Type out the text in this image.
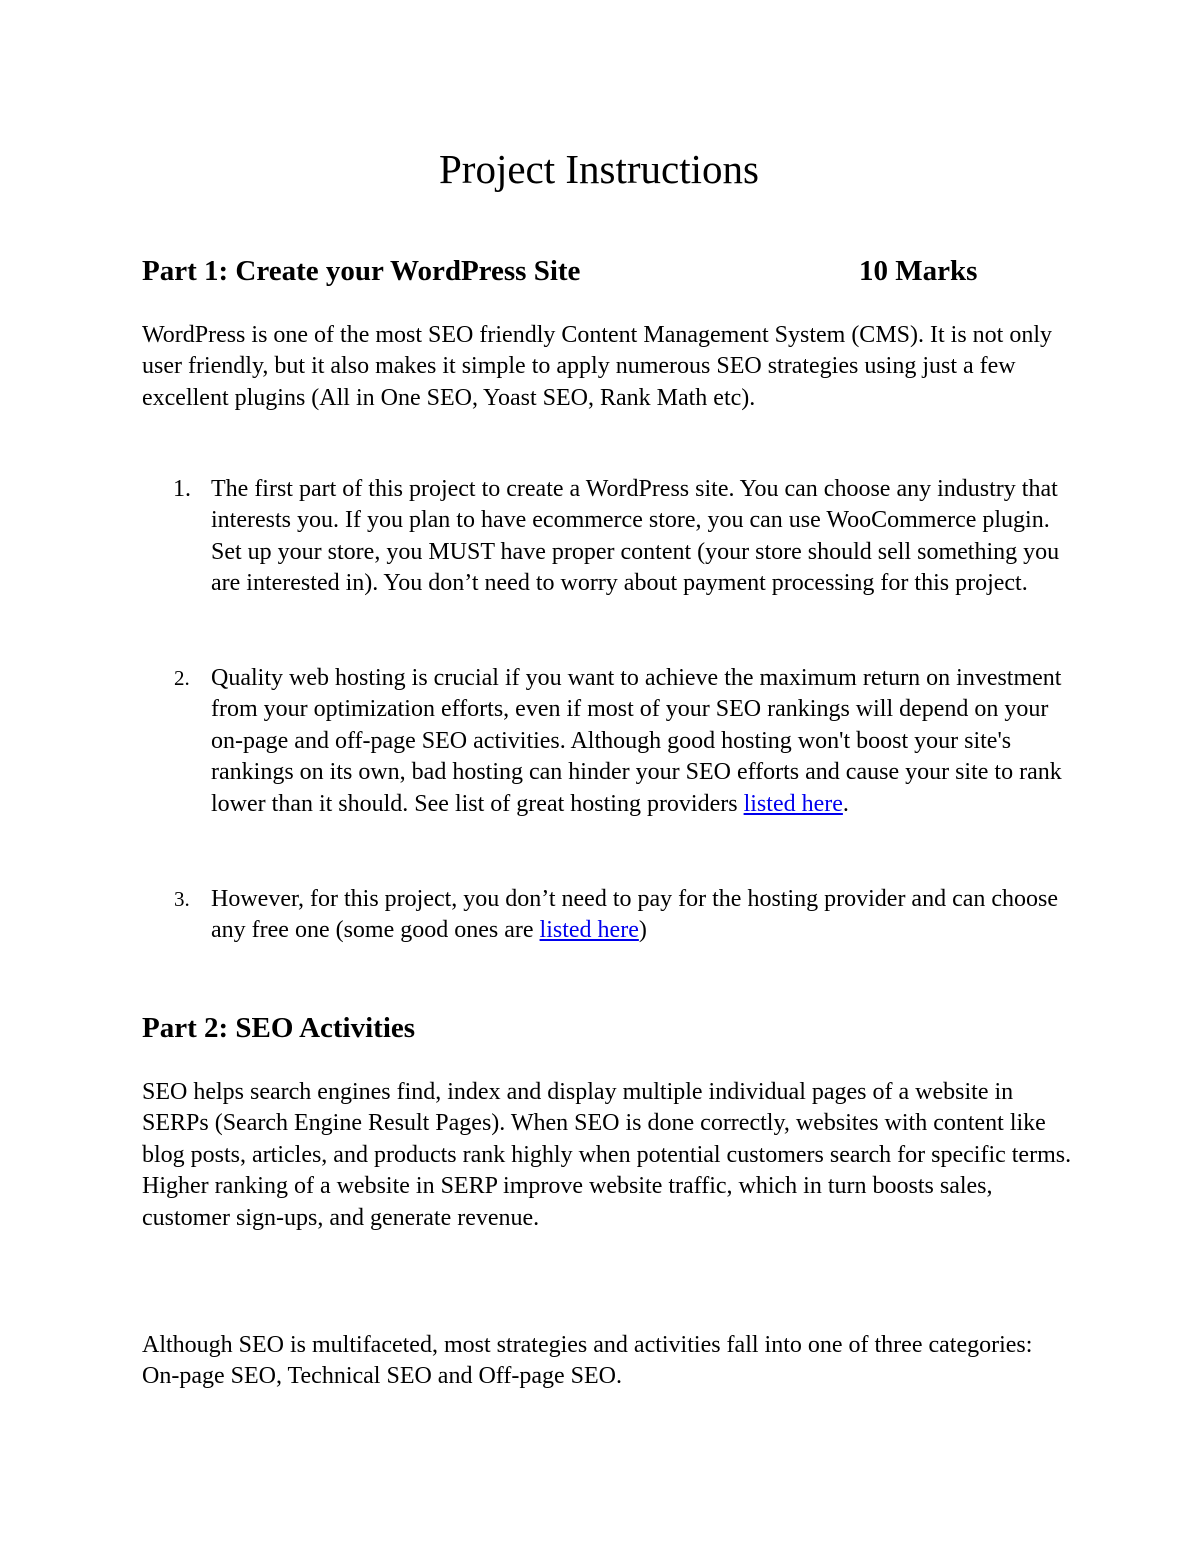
Project Instructions
Part 1: Create your WordPress Site	10 Marks

WordPress is one of the most SEO friendly Content Management System (CMS). It is not only user friendly, but it also makes it simple to apply numerous SEO strategies using just a few excellent plugins (All in One SEO, Yoast SEO, Rank Math etc).

1. The first part of this project to create a WordPress site. You can choose any industry that interests you. If you plan to have ecommerce store, you can use WooCommerce plugin. Set up your store, you MUST have proper content (your store should sell something you are interested in). You don’t need to worry about payment processing for this project.
2. Quality web hosting is crucial if you want to achieve the maximum return on investment from your optimization efforts, even if most of your SEO rankings will depend on your on-page and off-page SEO activities. Although good hosting won't boost your site's rankings on its own, bad hosting can hinder your SEO efforts and cause your site to rank lower than it should. See list of great hosting providers listed here.
3. However, for this project, you don’t need to pay for the hosting provider and can choose any free one (some good ones are listed here)
Part 2: SEO Activities

SEO helps search engines find, index and display multiple individual pages of a website in SERPs (Search Engine Result Pages). When SEO is done correctly, websites with content like blog posts, articles, and products rank highly when potential customers search for specific terms. Higher ranking of a website in SERP improve website traffic, which in turn boosts sales, customer sign-ups, and generate revenue.

Although SEO is multifaceted, most strategies and activities fall into one of three categories: On-page SEO, Technical SEO and Off-page SEO.
